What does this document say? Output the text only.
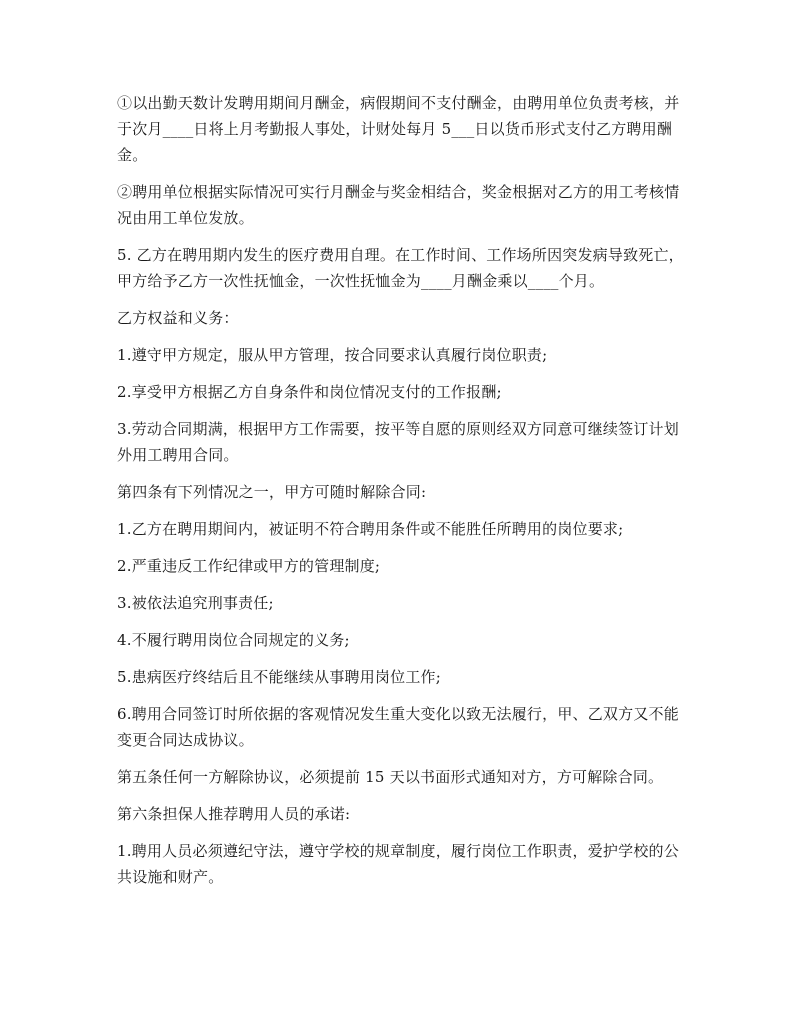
①以出勤天数计发聘用期间月酬金，病假期间不支付酬金，由聘用单位负责考核，并于次月____日将上月考勤报人事处，计财处每月 5___日以货币形式支付乙方聘用酬金。

②聘用单位根据实际情况可实行月酬金与奖金相结合，奖金根据对乙方的用工考核情况由用工单位发放。

5. 乙方在聘用期内发生的医疗费用自理。在工作时间、工作场所因突发病导致死亡，甲方给予乙方一次性抚恤金，一次性抚恤金为____月酬金乘以____个月。

乙方权益和义务：

1.遵守甲方规定，服从甲方管理，按合同要求认真履行岗位职责;

2.享受甲方根据乙方自身条件和岗位情况支付的工作报酬;

3.劳动合同期满，根据甲方工作需要，按平等自愿的原则经双方同意可继续签订计划外用工聘用合同。

第四条有下列情况之一，甲方可随时解除合同:

1.乙方在聘用期间内，被证明不符合聘用条件或不能胜任所聘用的岗位要求;

2.严重违反工作纪律或甲方的管理制度;

3.被依法追究刑事责任;

4.不履行聘用岗位合同规定的义务;

5.患病医疗终结后且不能继续从事聘用岗位工作;

6.聘用合同签订时所依据的客观情况发生重大变化以致无法履行，甲、乙双方又不能变更合同达成协议。

第五条任何一方解除协议，必须提前 15 天以书面形式通知对方，方可解除合同。

第六条担保人推荐聘用人员的承诺:

1.聘用人员必须遵纪守法，遵守学校的规章制度，履行岗位工作职责，爱护学校的公共设施和财产。
